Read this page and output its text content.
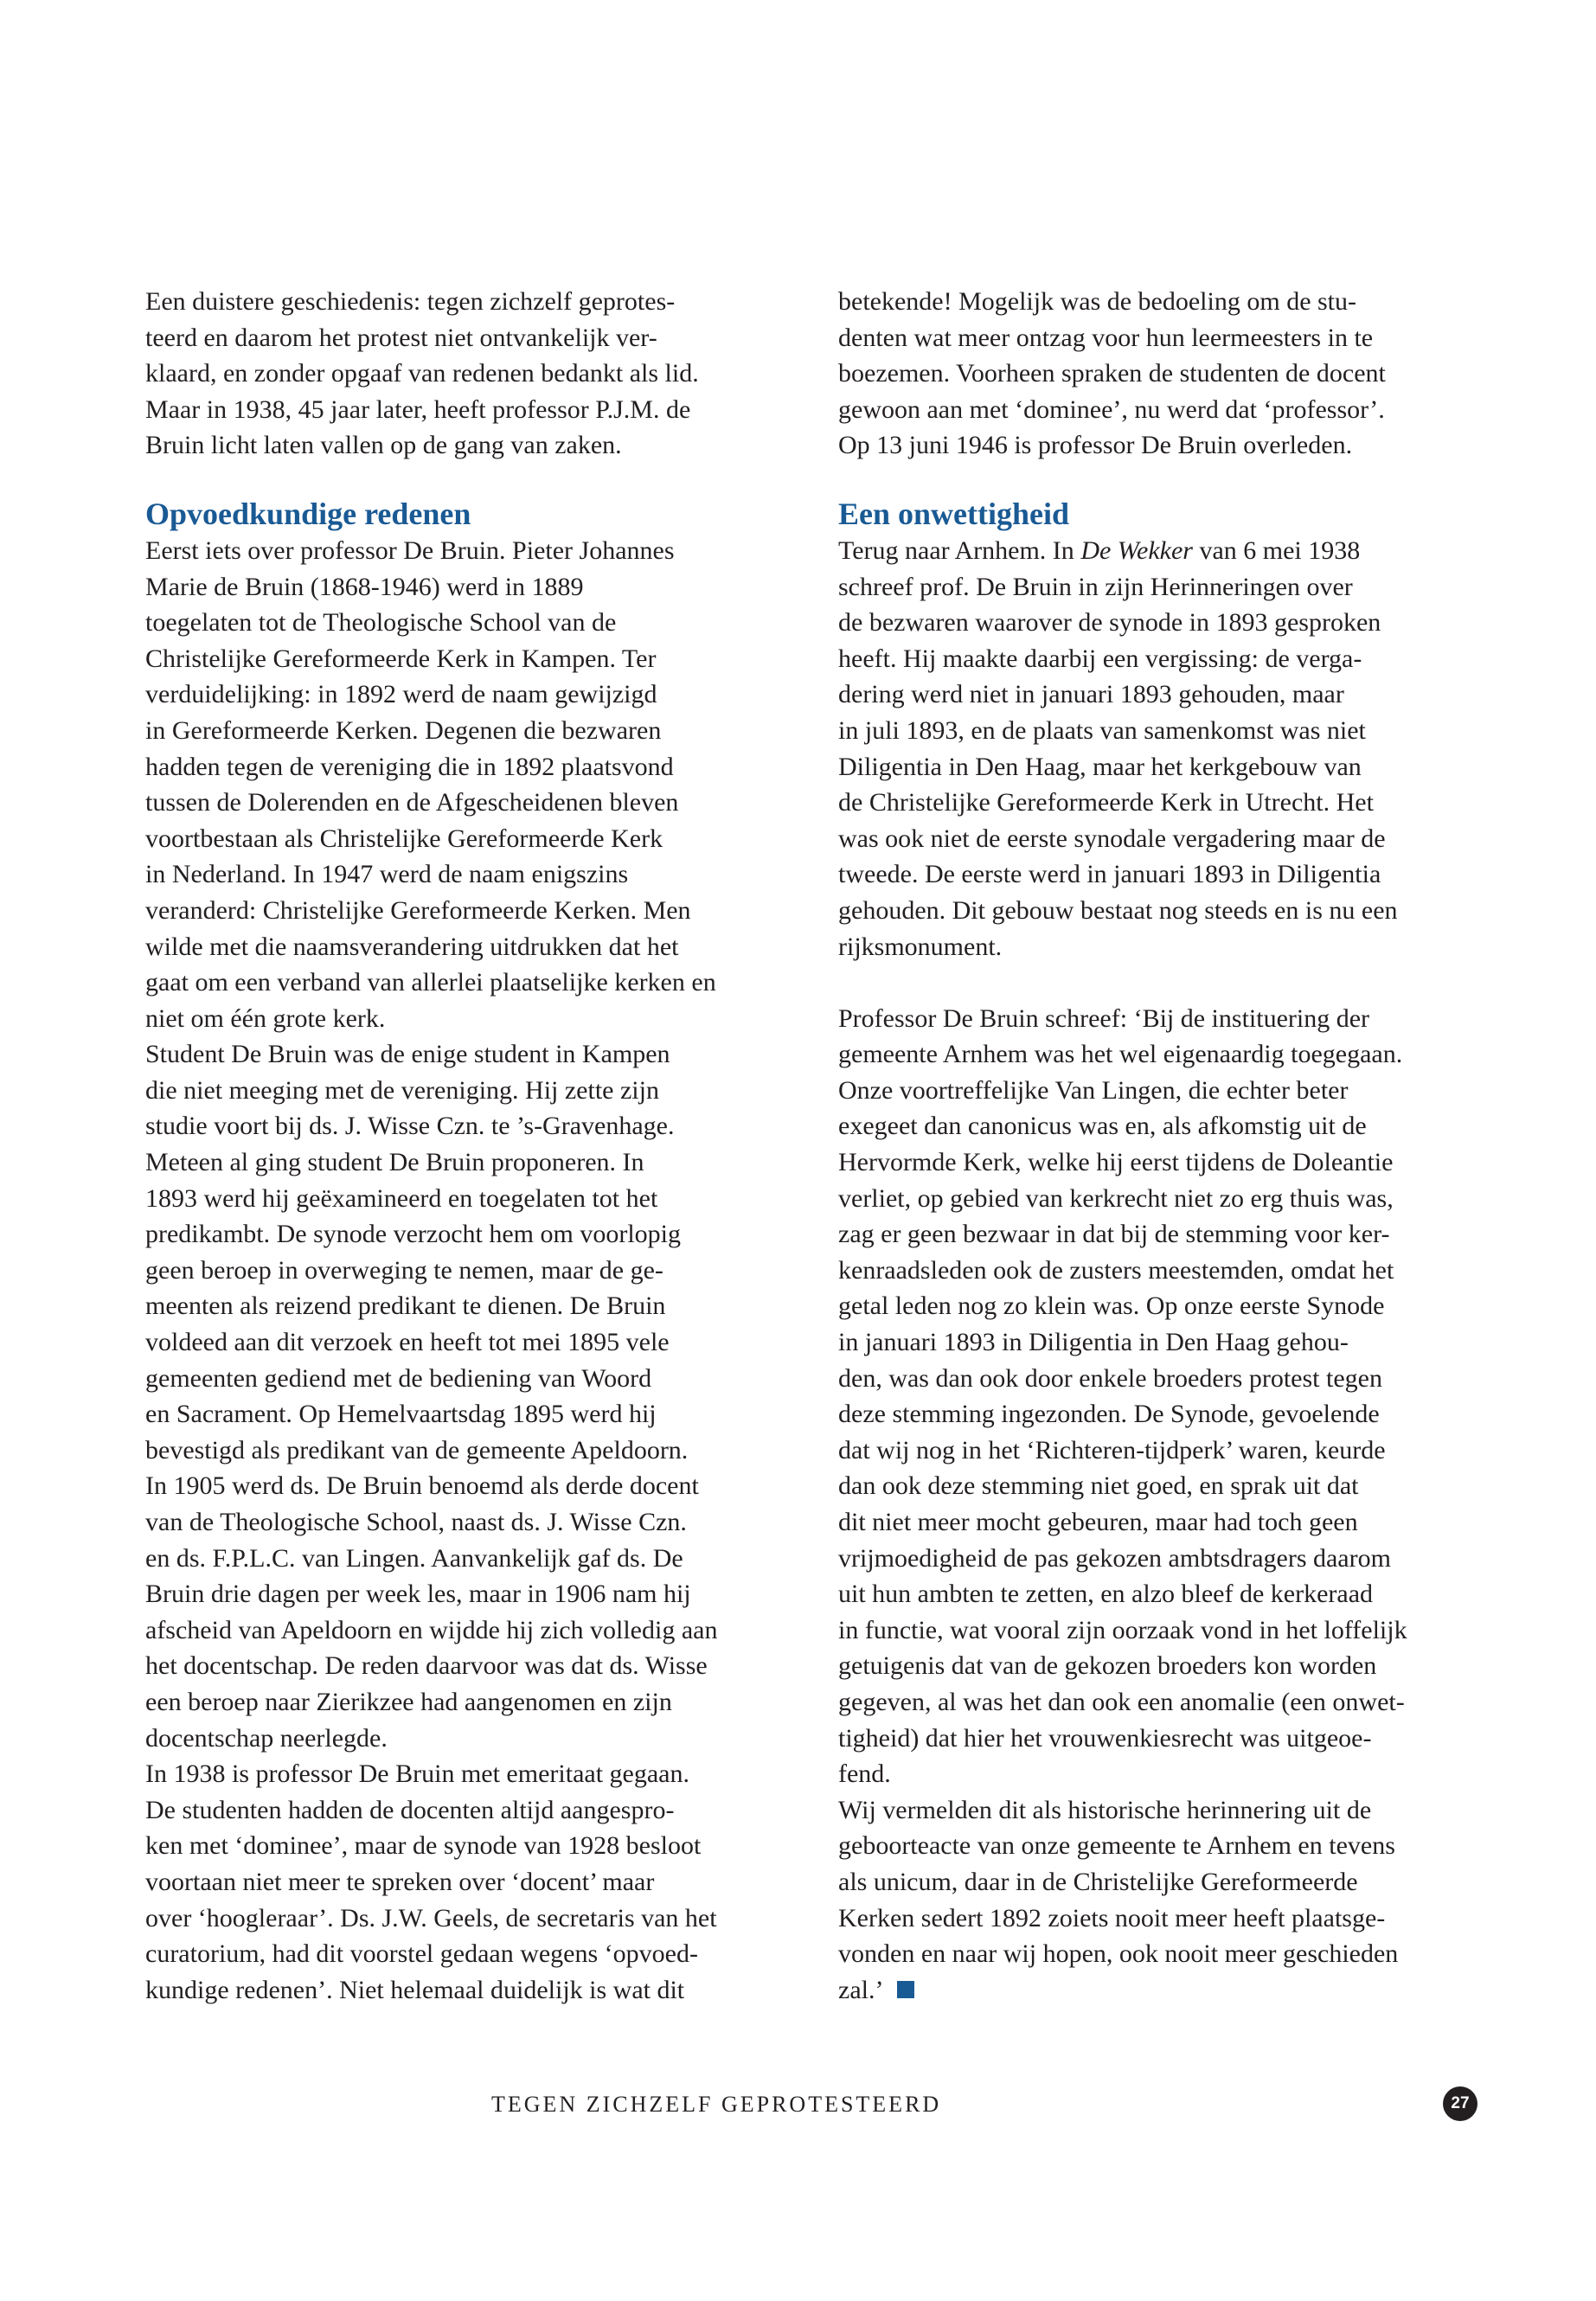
Een duistere geschiedenis: tegen zichzelf geprotes-
teerd en daarom het protest niet ontvankelijk ver-
klaard, en zonder opgaaf van redenen bedankt als lid.
Maar in 1938, 45 jaar later, heeft professor P.J.M. de
Bruin licht laten vallen op de gang van zaken.
Opvoedkundige redenen
Eerst iets over professor De Bruin. Pieter Johannes
Marie de Bruin (1868-1946) werd in 1889
toegelaten tot de Theologische School van de
Christelijke Gereformeerde Kerk in Kampen. Ter
verduidelijking: in 1892 werd de naam gewijzigd
in Gereformeerde Kerken. Degenen die bezwaren
hadden tegen de vereniging die in 1892 plaatsvond
tussen de Dolerenden en de Afgescheidenen bleven
voortbestaan als Christelijke Gereformeerde Kerk
in Nederland. In 1947 werd de naam enigszins
veranderd: Christelijke Gereformeerde Kerken. Men
wilde met die naamsverandering uitdrukken dat het
gaat om een verband van allerlei plaatselijke kerken en
niet om één grote kerk.
Student De Bruin was de enige student in Kampen
die niet meeging met de vereniging. Hij zette zijn
studie voort bij ds. J. Wisse Czn. te ’s-Gravenhage.
Meteen al ging student De Bruin proponeren. In
1893 werd hij geëxamineerd en toegelaten tot het
predikambt. De synode verzocht hem om voorlopig
geen beroep in overweging te nemen, maar de ge-
meenten als reizend predikant te dienen. De Bruin
voldeed aan dit verzoek en heeft tot mei 1895 vele
gemeenten gediend met de bediening van Woord
en Sacrament. Op Hemelvaartsdag 1895 werd hij
bevestigd als predikant van de gemeente Apeldoorn.
In 1905 werd ds. De Bruin benoemd als derde docent
van de Theologische School, naast ds. J. Wisse Czn.
en ds. F.P.L.C. van Lingen. Aanvankelijk gaf ds. De
Bruin drie dagen per week les, maar in 1906 nam hij
afscheid van Apeldoorn en wijdde hij zich volledig aan
het docentschap. De reden daarvoor was dat ds. Wisse
een beroep naar Zierikzee had aangenomen en zijn
docentschap neerlegde.
In 1938 is professor De Bruin met emeritaat gegaan.
De studenten hadden de docenten altijd aangespro-
ken met ‘dominee’, maar de synode van 1928 besloot
voortaan niet meer te spreken over ‘docent’ maar
over ‘hoogleraar’. Ds. J.W. Geels, de secretaris van het
curatorium, had dit voorstel gedaan wegens ‘opvoed-
kundige redenen’. Niet helemaal duidelijk is wat dit
betekende! Mogelijk was de bedoeling om de stu-
denten wat meer ontzag voor hun leermeesters in te
boezemen. Voorheen spraken de studenten de docent
gewoon aan met ‘dominee’, nu werd dat ‘professor’.
Op 13 juni 1946 is professor De Bruin overleden.
Een onwettigheid
Terug naar Arnhem. In De Wekker van 6 mei 1938
schreef prof. De Bruin in zijn Herinneringen over
de bezwaren waarover de synode in 1893 gesproken
heeft. Hij maakte daarbij een vergissing: de verga-
dering werd niet in januari 1893 gehouden, maar
in juli 1893, en de plaats van samenkomst was niet
Diligentia in Den Haag, maar het kerkgebouw van
de Christelijke Gereformeerde Kerk in Utrecht. Het
was ook niet de eerste synodale vergadering maar de
tweede. De eerste werd in januari 1893 in Diligentia
gehouden. Dit gebouw bestaat nog steeds en is nu een
rijksmonument.
Professor De Bruin schreef: ‘Bij de instituering der
gemeente Arnhem was het wel eigenaardig toegegaan.
Onze voortreffelijke Van Lingen, die echter beter
exegeet dan canonicus was en, als afkomstig uit de
Hervormde Kerk, welke hij eerst tijdens de Doleantie
verliet, op gebied van kerkrecht niet zo erg thuis was,
zag er geen bezwaar in dat bij de stemming voor ker-
kenraadsleden ook de zusters meestemden, omdat het
getal leden nog zo klein was. Op onze eerste Synode
in januari 1893 in Diligentia in Den Haag gehou-
den, was dan ook door enkele broeders protest tegen
deze stemming ingezonden. De Synode, gevoelende
dat wij nog in het ‘Richteren-tijdperk’ waren, keurde
dan ook deze stemming niet goed, en sprak uit dat
dit niet meer mocht gebeuren, maar had toch geen
vrijmoedigheid de pas gekozen ambtsdragers daarom
uit hun ambten te zetten, en alzo bleef de kerkeraad
in functie, wat vooral zijn oorzaak vond in het loffelijk
getuigenis dat van de gekozen broeders kon worden
gegeven, al was het dan ook een anomalie (een onwet-
tigheid) dat hier het vrouwenkiesrecht was uitgeoe-
fend.
Wij vermelden dit als historische herinnering uit de
geboorteacte van onze gemeente te Arnhem en tevens
als unicum, daar in de Christelijke Gereformeerde
Kerken sedert 1892 zoiets nooit meer heeft plaatsge-
vonden en naar wij hopen, ook nooit meer geschieden
zal.’
TEGEN ZICHZELF GEPROTESTEERD	27
